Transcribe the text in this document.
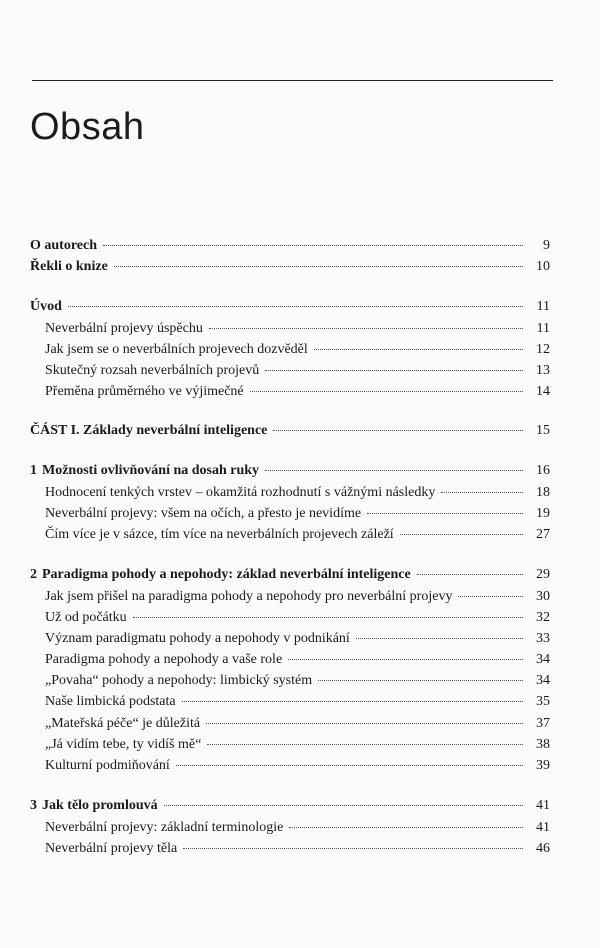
Obsah
O autorech	9
Řekli o knize	10
Úvod	11
Neverbální projevy úspěchu	11
Jak jsem se o neverbálních projevech dozvěděl	12
Skutečný rozsah neverbálních projevů	13
Přeměna průměrného ve výjimečné	14
ČÁST I. Základy neverbální inteligence	15
1 Možnosti ovlivňování na dosah ruky	16
Hodnocení tenkých vrstev – okamžitá rozhodnutí s vážnými následky	18
Neverbální projevy: všem na očích, a přesto je nevidíme	19
Čím více je v sázce, tím více na neverbálních projevech záleží	27
2 Paradigma pohody a nepohody: základ neverbální inteligence	29
Jak jsem přišel na paradigma pohody a nepohody pro neverbální projevy	30
Už od počátku	32
Význam paradigmatu pohody a nepohody v podnikání	33
Paradigma pohody a nepohody a vaše role	34
„Povaha“ pohody a nepohody: limbický systém	34
Naše limbická podstata	35
„Mateřská péče“ je důležitá	37
„Já vidím tebe, ty vidíš mě“	38
Kulturní podmiňování	39
3 Jak tělo promlouvá	41
Neverbální projevy: základní terminologie	41
Neverbální projevy těla	46
